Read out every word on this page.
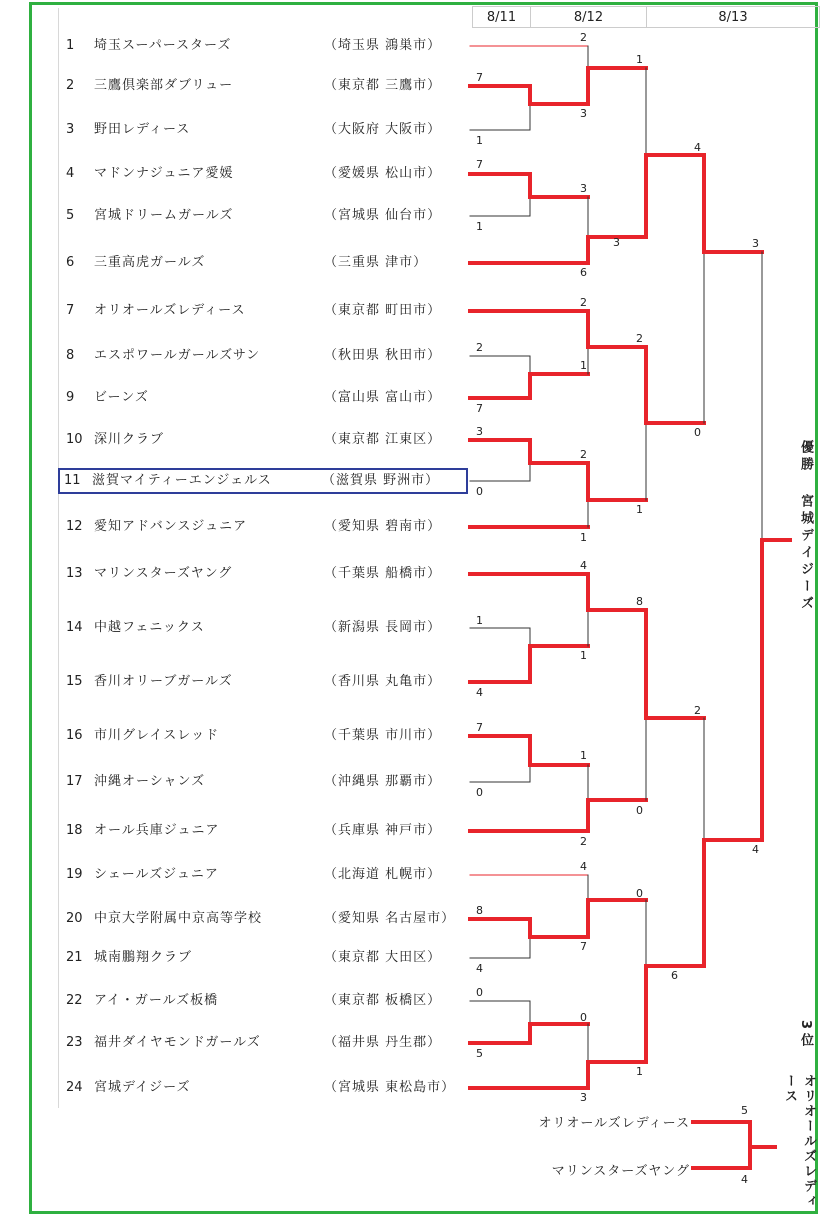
8/11	8/12	8/13
1	埼玉スーパースターズ	（埼玉県 鴻巣市）
2	三鷹倶楽部ダブリュー	（東京都 三鷹市）
3	野田レディース	（大阪府 大阪市）
4	マドンナジュニア愛媛	（愛媛県 松山市）
5	宮城ドリームガールズ	（宮城県 仙台市）
6	三重高虎ガールズ	（三重県 津市）
7	オリオールズレディース	（東京都 町田市）
8	エスポワールガールズサン	（秋田県 秋田市）
9	ビーンズ	（富山県 富山市）
10 深川クラブ	（東京都 江東区）
11 滋賀マイティーエンジェルス	（滋賀県 野洲市）
12 愛知アドバンスジュニア	（愛知県 碧南市）
13 マリンスターズヤング	（千葉県 船橋市）
14 中越フェニックス	（新潟県 長岡市）
15 香川オリーブガールズ	（香川県 丸亀市）
16 市川グレイスレッド	（千葉県 市川市）
17 沖縄オーシャンズ	（沖縄県 那覇市）
18 オール兵庫ジュニア	（兵庫県 神戸市）
19 シェールズジュニア	（北海道 札幌市）
20 中京大学附属中京高等学校	（愛知県 名古屋市）
21 城南鵬翔クラブ	（東京都 大田区）
22 アイ・ガールズ板橋	（東京都 板橋区）
23 福井ダイヤモンドガールズ	（福井県 丹生郡）
24 宮城デイジーズ	（宮城県 東松島市）
7
1
7
1
2
7
3
0
1
4
7
0
8
4
0
5
2
3
3
6
2
1
2
1
4
1
1
2
4
7
0
3
1
3
2
1
8
0
0
1
4
0
2
6
3
4
5
4
優勝
宮城デイジーズ
3位
オリオールズレディース
オリオールズレディース
マリンスターズヤング
